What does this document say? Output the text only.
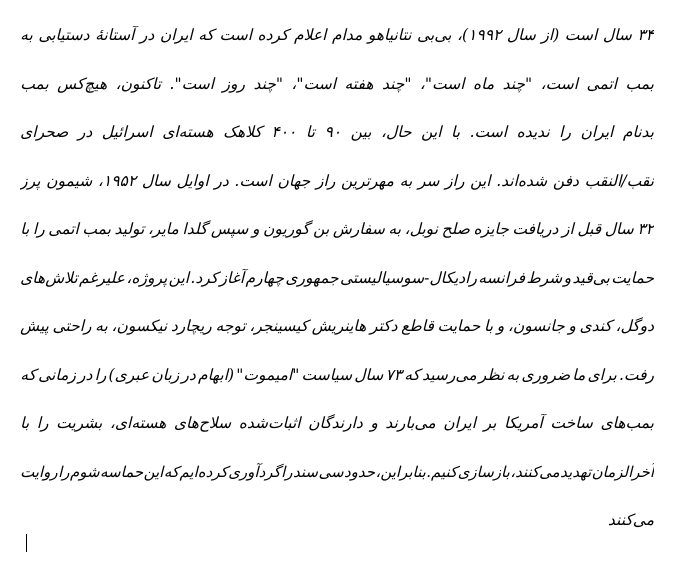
۳۴
سال
است
(از
سال
۱۹۹۲)،
بی‌بی
نتانیاهو
مدام
اعلام
کرده
است
که
ایران
در
آستانهٔ
دستیابی
به
بمب
اتمی
است،
"چند
ماه
است"،
"چند
هفته
است"،
"چند
روز
است".
تاکنون،
هیچ‌کس
بمب
بدنام
ایران
را
ندیده
است.
با
این
حال،
بین
۹۰
تا
۴۰۰
کلاهک
هسته‌ای
اسرائیل
در
صحرای
نقب/النقب
دفن
شده‌اند.
این
راز
سر
به
مهرترین
راز
جهان
است.
در
اوایل
سال
۱۹۵۲،
شیمون
پرز
۳۲
سال
قبل
از
دریافت
جایزه
صلح
نوبل،
به
سفارش
بن
گوریون
و
سپس
گلدا
مایر،
تولید
بمب
اتمی
را
با
حمایت
بی‌قید
و
شرط
فرانسه
رادیکال-سوسیالیستی
جمهوری
چهارم
آغاز
کرد.
این
پروژه،
علیرغم
تلاش‌های
دوگل،
کندی
و
جانسون،
و
با
حمایت
قاطع
دکتر
هاینریش
کیسینجر،
توجه
ریچارد
نیکسون،
به
راحتی
پیش
رفت.
برای
ما
ضروری
به
نظر
می‌رسید
که
۷۳
سال
سیاست
"امیموت"
(ابهام
در
زبان
عبری)
را
در
زمانی
که
بمب‌های
ساخت
آمریکا
بر
ایران
می‌بارند
و
دارندگان
اثبات‌شده
سلاح‌های
هسته‌ای،
بشریت
را
با
آخرالزمان
تهدید
می‌کنند،
بازسازی
کنیم.
بنابراین،
حدود
سی
سند
را
گردآوری
کرده‌ایم
که
این
حماسه
شوم
را
روایت
می‌کنند
